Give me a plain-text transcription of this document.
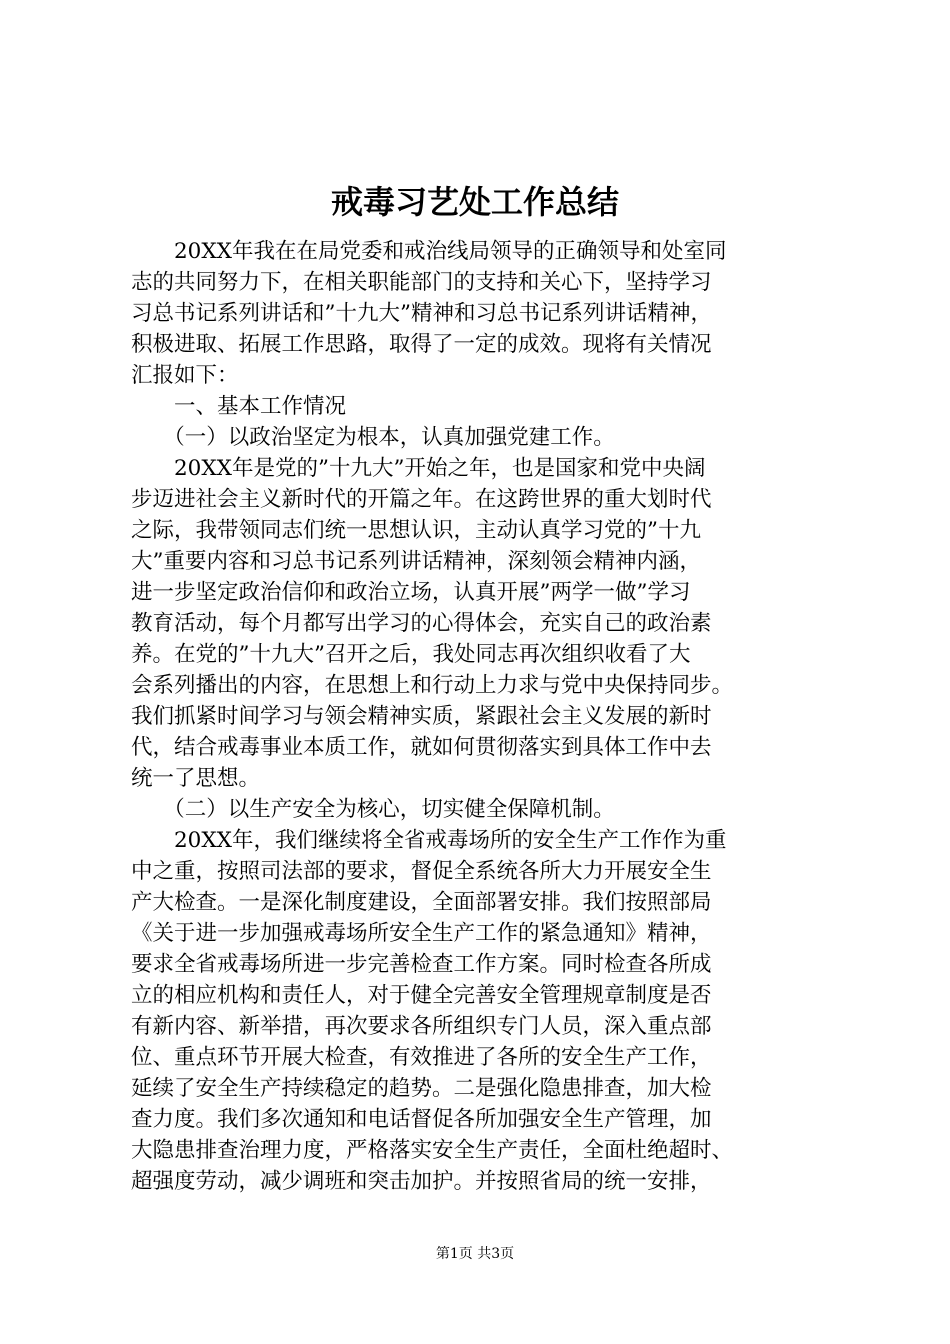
戒毒习艺处工作总结
　　20XX年我在在局党委和戒治线局领导的正确领导和处室同
志的共同努力下，在相关职能部门的支持和关心下，坚持学习
习总书记系列讲话和”十九大”精神和习总书记系列讲话精神，
积极进取、拓展工作思路，取得了一定的成效。现将有关情况
汇报如下：
　　一、基本工作情况
　　（一）以政治坚定为根本，认真加强党建工作。
　　20XX年是党的”十九大”开始之年，也是国家和党中央阔
步迈进社会主义新时代的开篇之年。在这跨世界的重大划时代
之际，我带领同志们统一思想认识，主动认真学习党的”十九
大”重要内容和习总书记系列讲话精神，深刻领会精神内涵，
进一步坚定政治信仰和政治立场，认真开展”两学一做”学习
教育活动，每个月都写出学习的心得体会，充实自己的政治素
养。在党的”十九大”召开之后，我处同志再次组织收看了大
会系列播出的内容，在思想上和行动上力求与党中央保持同步。
我们抓紧时间学习与领会精神实质，紧跟社会主义发展的新时
代，结合戒毒事业本质工作，就如何贯彻落实到具体工作中去
统一了思想。
　　（二）以生产安全为核心，切实健全保障机制。
　　20XX年，我们继续将全省戒毒场所的安全生产工作作为重
中之重，按照司法部的要求，督促全系统各所大力开展安全生
产大检查。一是深化制度建设，全面部署安排。我们按照部局
《关于进一步加强戒毒场所安全生产工作的紧急通知》精神，
要求全省戒毒场所进一步完善检查工作方案。同时检查各所成
立的相应机构和责任人，对于健全完善安全管理规章制度是否
有新内容、新举措，再次要求各所组织专门人员，深入重点部
位、重点环节开展大检查，有效推进了各所的安全生产工作，
延续了安全生产持续稳定的趋势。二是强化隐患排查，加大检
查力度。我们多次通知和电话督促各所加强安全生产管理，加
大隐患排查治理力度，严格落实安全生产责任，全面杜绝超时、
超强度劳动，减少调班和突击加护。并按照省局的统一安排，
第1页 共3页
